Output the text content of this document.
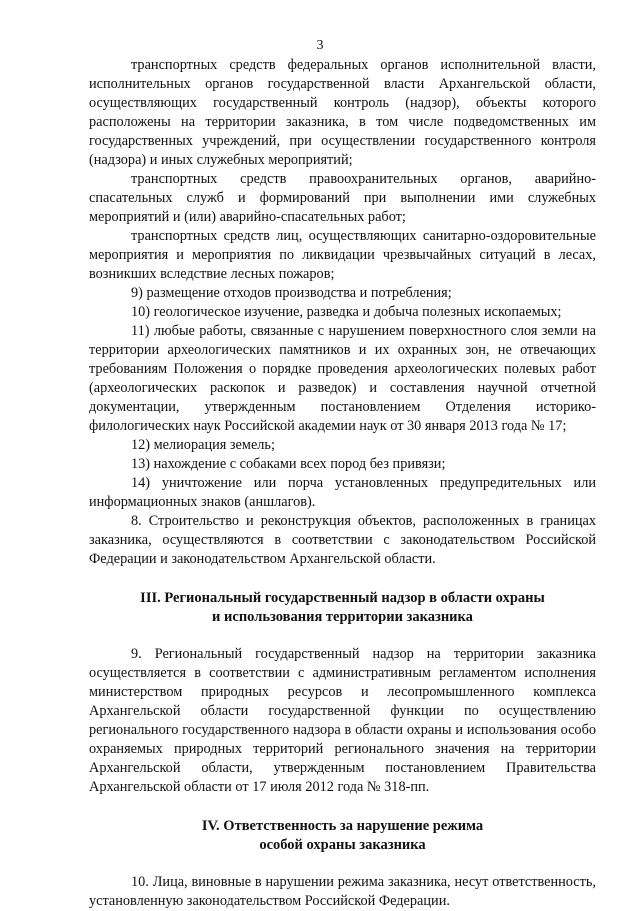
3

транспортных средств федеральных органов исполнительной власти, исполнительных органов государственной власти Архангельской области, осуществляющих государственный контроль (надзор), объекты которого расположены на территории заказника, в том числе подведомственных им государственных учреждений, при осуществлении государственного контроля (надзора) и иных служебных мероприятий;

транспортных средств правоохранительных органов, аварийно-спасательных служб и формирований при выполнении ими служебных мероприятий и (или) аварийно-спасательных работ;

транспортных средств лиц, осуществляющих санитарно-оздоровительные мероприятия и мероприятия по ликвидации чрезвычайных ситуаций в лесах, возникших вследствие лесных пожаров;

9) размещение отходов производства и потребления;

10) геологическое изучение, разведка и добыча полезных ископаемых;

11) любые работы, связанные с нарушением поверхностного слоя земли на территории археологических памятников и их охранных зон, не отвечающих требованиям Положения о порядке проведения археологических полевых работ (археологических раскопок и разведок) и составления научной отчетной документации, утвержденным постановлением Отделения историко-филологических наук Российской академии наук от 30 января 2013 года № 17;

12) мелиорация земель;

13) нахождение с собаками всех пород без привязи;

14) уничтожение или порча установленных предупредительных или информационных знаков (аншлагов).

8. Строительство и реконструкция объектов, расположенных в границах заказника, осуществляются в соответствии с законодательством Российской Федерации и законодательством Архангельской области.

III. Региональный государственный надзор в области охраны
и использования территории заказника

9. Региональный государственный надзор на территории заказника осуществляется в соответствии с административным регламентом исполнения министерством природных ресурсов и лесопромышленного комплекса Архангельской области государственной функции по осуществлению регионального государственного надзора в области охраны и использования особо охраняемых природных территорий регионального значения на территории Архангельской области, утвержденным постановлением Правительства Архангельской области от 17 июля 2012 года № 318-пп.

IV. Ответственность за нарушение режима
особой охраны заказника

10. Лица, виновные в нарушении режима заказника, несут ответственность, установленную законодательством Российской Федерации.
